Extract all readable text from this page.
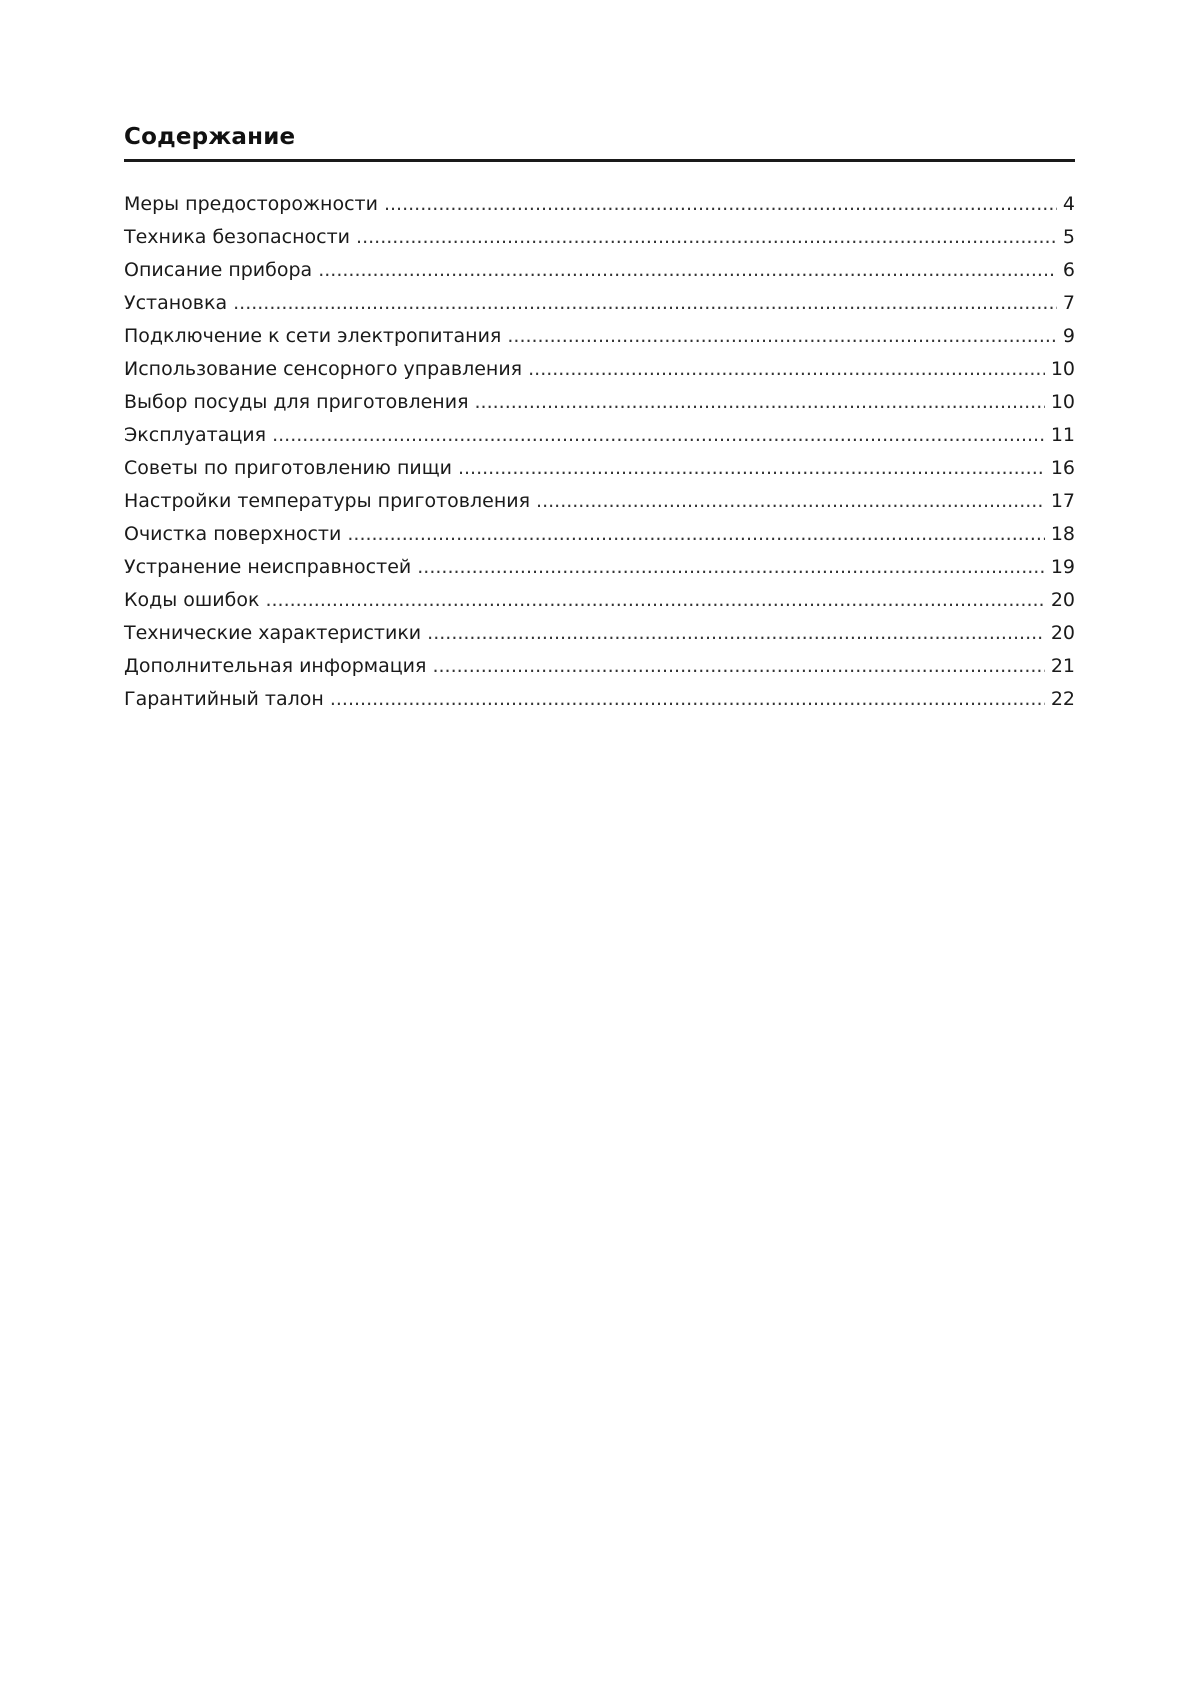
Содержание
Меры предосторожности .....	4
Техника безопасности .....	5
Описание прибора .....	6
Установка .....	7
Подключение к сети электропитания .....	9
Использование сенсорного управления .....	10
Выбор посуды для приготовления .....	10
Эксплуатация .....	11
Советы по приготовлению пищи .....	16
Настройки температуры приготовления .....	17
Очистка поверхности .....	18
Устранение неисправностей .....	19
Коды ошибок .....	20
Технические характеристики .....	20
Дополнительная информация .....	21
Гарантийный талон .....	22
